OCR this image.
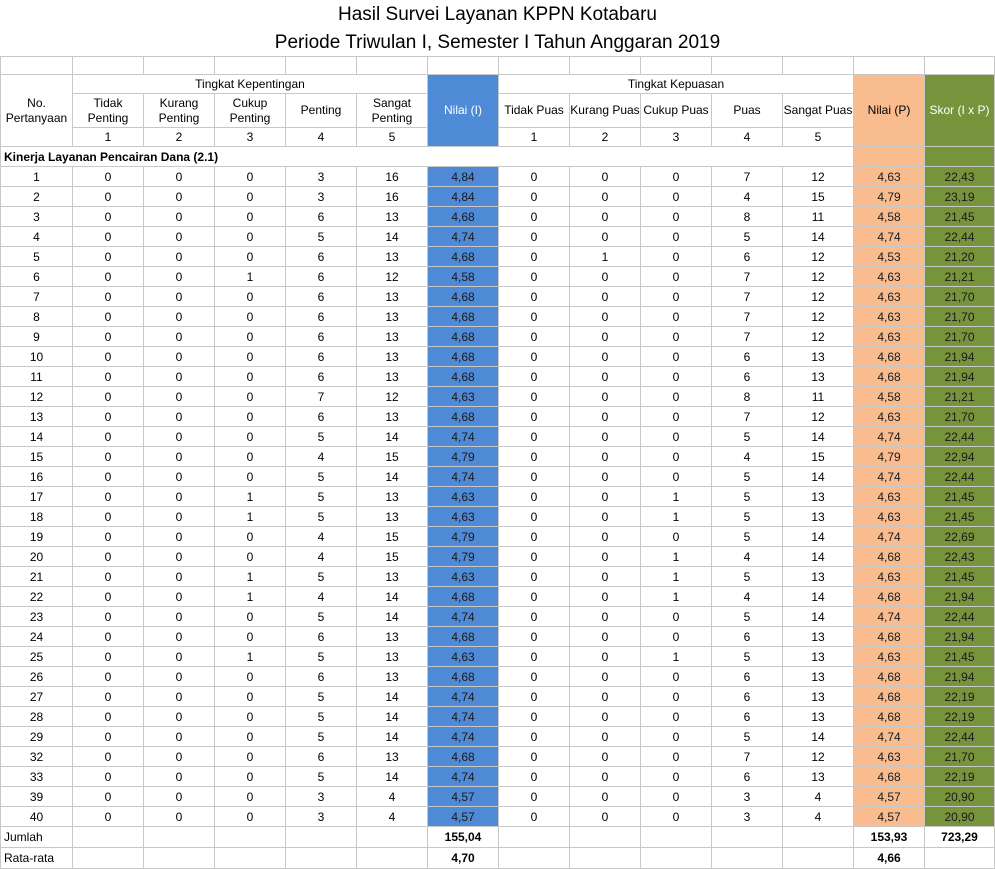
Hasil Survei Layanan KPPN Kotabaru
Periode Triwulan I, Semester I Tahun Anggaran 2019

No. Pertanyaan	Tingkat Kepentingan					Nilai (I)	Tingkat Kepuasan					Nilai (P)	Skor (I x P)
	Tidak Penting	Kurang Penting	Cukup Penting	Penting	Sangat Penting		Tidak Puas	Kurang Puas	Cukup Puas	Puas	Sangat Puas		
	1	2	3	4	5		1	2	3	4	5		
Kinerja Layanan Pencairan Dana (2.1)													
1	0	0	0	3	16	4,84	0	0	0	7	12	4,63	22,43
2	0	0	0	3	16	4,84	0	0	0	4	15	4,79	23,19
3	0	0	0	6	13	4,68	0	0	0	8	11	4,58	21,45
4	0	0	0	5	14	4,74	0	0	0	5	14	4,74	22,44
5	0	0	0	6	13	4,68	0	1	0	6	12	4,53	21,20
6	0	0	1	6	12	4,58	0	0	0	7	12	4,63	21,21
7	0	0	0	6	13	4,68	0	0	0	7	12	4,63	21,70
8	0	0	0	6	13	4,68	0	0	0	7	12	4,63	21,70
9	0	0	0	6	13	4,68	0	0	0	7	12	4,63	21,70
10	0	0	0	6	13	4,68	0	0	0	6	13	4,68	21,94
11	0	0	0	6	13	4,68	0	0	0	6	13	4,68	21,94
12	0	0	0	7	12	4,63	0	0	0	8	11	4,58	21,21
13	0	0	0	6	13	4,68	0	0	0	7	12	4,63	21,70
14	0	0	0	5	14	4,74	0	0	0	5	14	4,74	22,44
15	0	0	0	4	15	4,79	0	0	0	4	15	4,79	22,94
16	0	0	0	5	14	4,74	0	0	0	5	14	4,74	22,44
17	0	0	1	5	13	4,63	0	0	1	5	13	4,63	21,45
18	0	0	1	5	13	4,63	0	0	1	5	13	4,63	21,45
19	0	0	0	4	15	4,79	0	0	0	5	14	4,74	22,69
20	0	0	0	4	15	4,79	0	0	1	4	14	4,68	22,43
21	0	0	1	5	13	4,63	0	0	1	5	13	4,63	21,45
22	0	0	1	4	14	4,68	0	0	1	4	14	4,68	21,94
23	0	0	0	5	14	4,74	0	0	0	5	14	4,74	22,44
24	0	0	0	6	13	4,68	0	0	0	6	13	4,68	21,94
25	0	0	1	5	13	4,63	0	0	1	5	13	4,63	21,45
26	0	0	0	6	13	4,68	0	0	0	6	13	4,68	21,94
27	0	0	0	5	14	4,74	0	0	0	6	13	4,68	22,19
28	0	0	0	5	14	4,74	0	0	0	6	13	4,68	22,19
29	0	0	0	5	14	4,74	0	0	0	5	14	4,74	22,44
32	0	0	0	6	13	4,68	0	0	0	7	12	4,63	21,70
33	0	0	0	5	14	4,74	0	0	0	6	13	4,68	22,19
39	0	0	0	3	4	4,57	0	0	0	3	4	4,57	20,90
40	0	0	0	3	4	4,57	0	0	0	3	4	4,57	20,90
Jumlah						155,04						153,93	723,29
Rata-rata						4,70						4,66	
